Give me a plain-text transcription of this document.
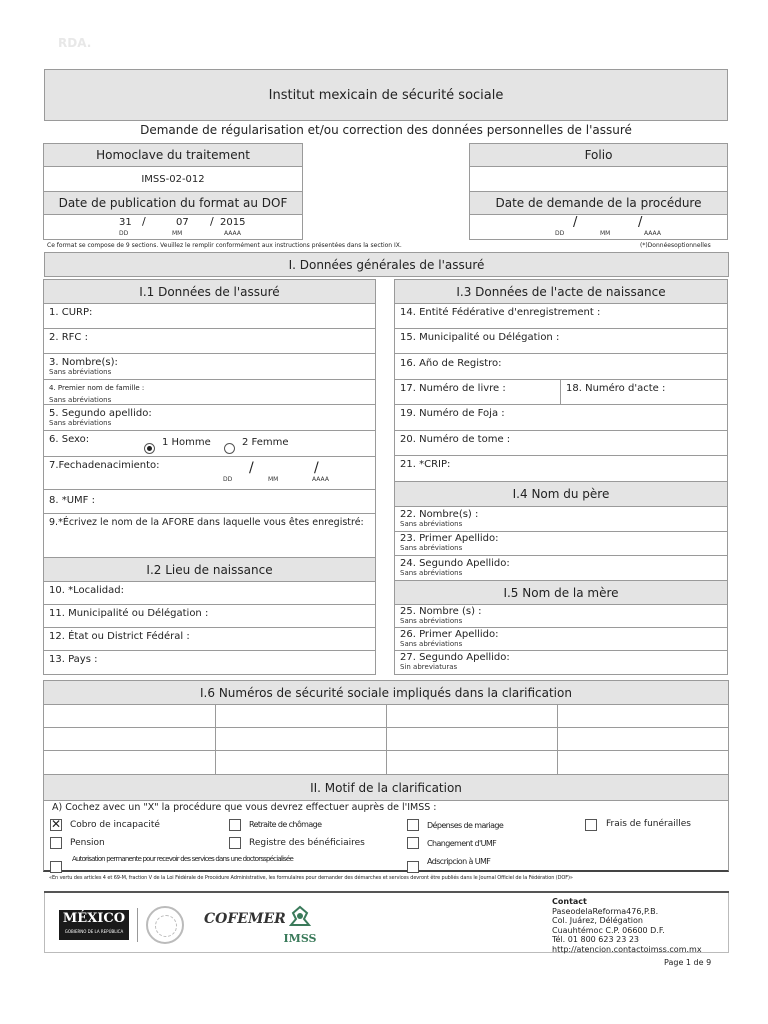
RDA.
Institut mexicain de sécurité sociale
Demande de régularisation et/ou correction des données personnelles de l'assuré
Homoclave du traitement
IMSS-02-012
Date de publication du format au DOF
31 /	07 / 2015
DD	MM	AAAA
Folio
Date de demande de la procédure
/	/
DD	MM	AAAA
Ce format se compose de 9 sections. Veuillez le remplir conformément aux instructions présentées dans la section IX.	(*)Donnéesoptionnelles
I. Données générales de l'assuré
I.1 Données de l'assuré
1. CURP:
2. RFC :
3. Nombre(s):
Sans abréviations
4. Premier nom de famille :
Sans abréviations
5. Segundo apellido:
Sans abréviations
6. Sexo:	1 Homme	2 Femme
7.Fechadenacimiento:	/	/
DD	MM	AAAA
8. *UMF :
9.*Écrivez le nom de la AFORE dans laquelle vous êtes enregistré:
I.2 Lieu de naissance
10. *Localidad:
11. Municipalité ou Délégation :
12. État ou District Fédéral :
13. Pays :
I.3 Données de l'acte de naissance
14. Entité Fédérative d'enregistrement :
15. Municipalité ou Délégation :
16. Año de Registro:
17. Numéro de livre :	18. Numéro d'acte :
19. Numéro de Foja :
20. Numéro de tome :
21. *CRIP:
I.4 Nom du père
22. Nombre(s) :
Sans abréviations
23. Primer Apellido:
Sans abréviations
24. Segundo Apellido:
Sans abréviations
I.5 Nom de la mère
25. Nombre (s) :
Sans abréviations
26. Primer Apellido:
Sans abréviations
27. Segundo Apellido:
Sin abreviaturas
I.6 Numéros de sécurité sociale impliqués dans la clarification
II. Motif de la clarification
A) Cochez avec un "X" la procédure que vous devrez effectuer auprès de l'IMSS :
✕ Cobro de incapacité	Retraite de chômage	Dépenses de mariage	Frais de funérailles
Pension	Registre des bénéficiaires	Changement d'UMF
Autorisation permanente pour recevoir des services dans une doctorsspécialisée	Adscripcion à UMF
«En vertu des articles 4 et 69-M, fraction V de la Loi Fédérale de Procédure Administrative, les formulaires pour demander des démarches et services devront être publiés dans le Journal Officiel de la Fédération (DOF)»
MÉXICO
GOBIERNO DE LA REPÚBLICA
COFEMER
IMSS
Contact
PaseodelaReforma476,P.B.
Col. Juárez, Délégation
Cuauhtémoc C.P. 06600 D.F.
Tél. 01 800 623 23 23
http://atencion.contactoimss.com.mx
Page 1 de 9
